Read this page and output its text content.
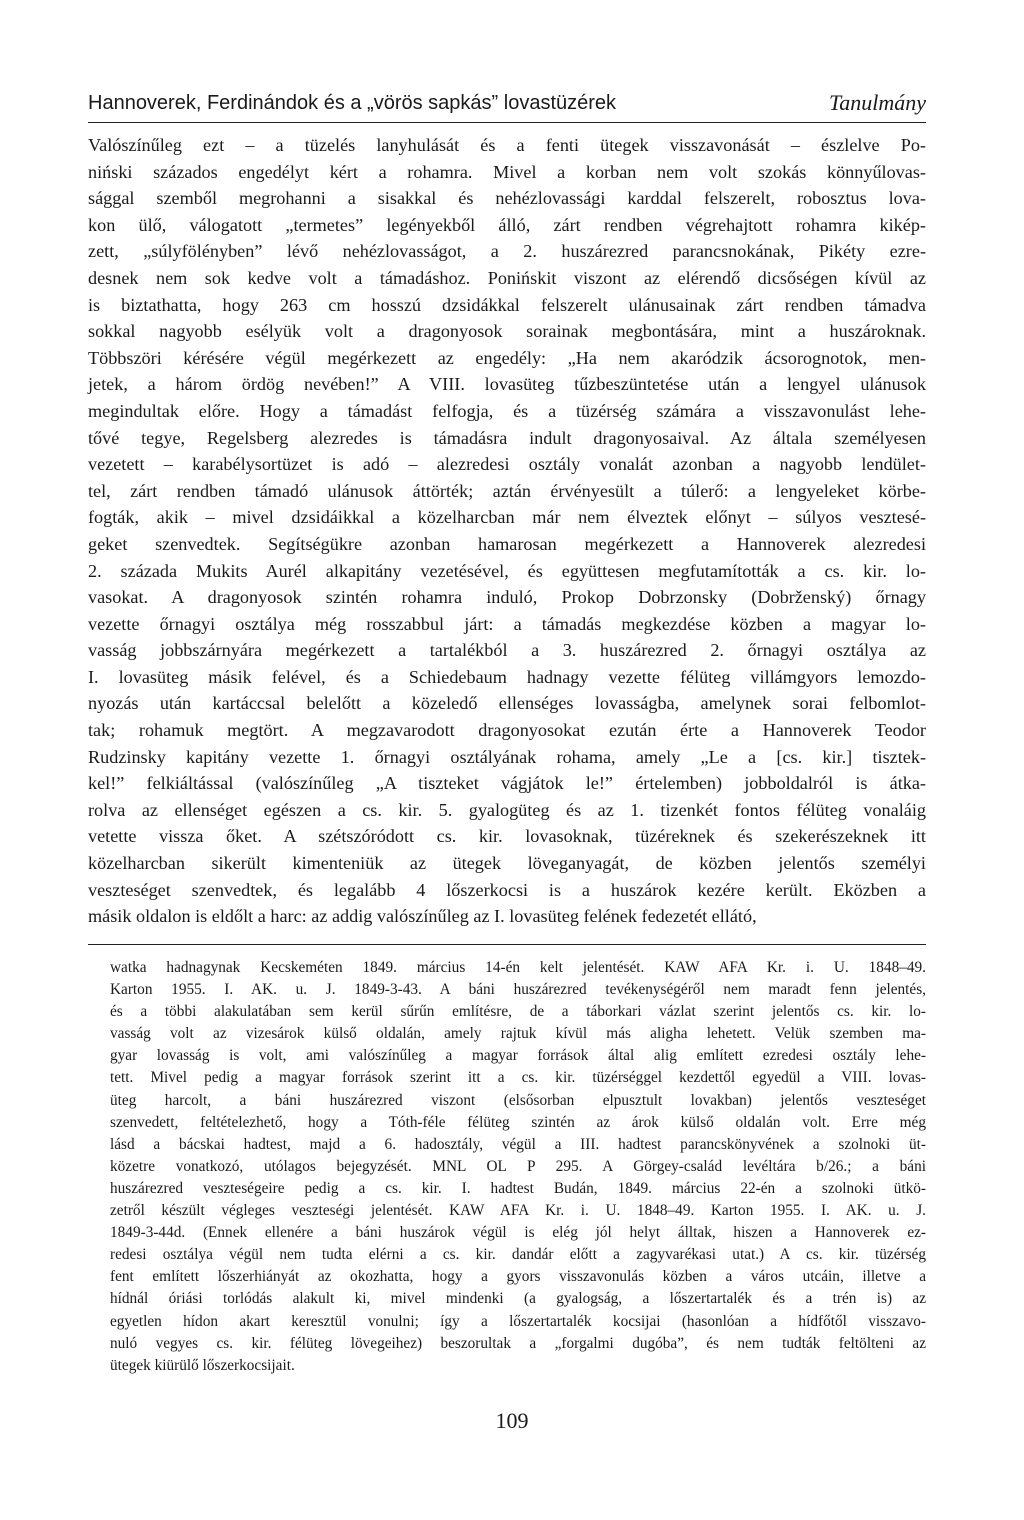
Hannoverek, Ferdinándok és a „vörös sapkás” lovastüzérek	Tanulmány

Valószínűleg ezt – a tüzelés lanyhulását és a fenti ütegek visszavonását – észlelve Po-
niński százados engedélyt kért a rohamra. Mivel a korban nem volt szokás könnyűlovas-
sággal szemből megrohanni a sisakkal és nehézlovassági karddal felszerelt, robosztus lova-
kon ülő, válogatott „termetes” legényekből álló, zárt rendben végrehajtott rohamra kikép-
zett, „súlyfölényben” lévő nehézlovasságot, a 2. huszárezred parancsnokának, Pikéty ezre-
desnek nem sok kedve volt a támadáshoz. Ponińskit viszont az elérendő dicsőségen kívül az
is biztathatta, hogy 263 cm hosszú dzsidákkal felszerelt ulánusainak zárt rendben támadva
sokkal nagyobb esélyük volt a dragonyosok sorainak megbontására, mint a huszároknak.
Többszöri kérésére végül megérkezett az engedély: „Ha nem akaródzik ácsorognotok, men-
jetek, a három ördög nevében!” A VIII. lovasüteg tűzbeszüntetése után a lengyel ulánusok
megindultak előre. Hogy a támadást felfogja, és a tüzérség számára a visszavonulást lehe-
tővé tegye, Regelsberg alezredes is támadásra indult dragonyosaival. Az általa személyesen
vezetett – karabélysortüzet is adó – alezredesi osztály vonalát azonban a nagyobb lendület-
tel, zárt rendben támadó ulánusok áttörték; aztán érvényesült a túlerő: a lengyeleket körbe-
fogták, akik – mivel dzsidáikkal a közelharcban már nem élveztek előnyt – súlyos vesztesé-
geket szenvedtek. Segítségükre azonban hamarosan megérkezett a Hannoverek alezredesi
2. százada Mukits Aurél alkapitány vezetésével, és együttesen megfutamították a cs. kir. lo-
vasokat. A dragonyosok szintén rohamra induló, Prokop Dobrzonsky (Dobrženský) őrnagy
vezette őrnagyi osztálya még rosszabbul járt: a támadás megkezdése közben a magyar lo-
vasság jobbszárnyára megérkezett a tartalékból a 3. huszárezred 2. őrnagyi osztálya az
I. lovasüteg másik felével, és a Schiedebaum hadnagy vezette félüteg villámgyors lemozdo-
nyozás után kartáccsal belelőtt a közeledő ellenséges lovasságba, amelynek sorai felbomlot-
tak; rohamuk megtört. A megzavarodott dragonyosokat ezután érte a Hannoverek Teodor
Rudzinsky kapitány vezette 1. őrnagyi osztályának rohama, amely „Le a [cs. kir.] tisztek-
kel!” felkiáltással (valószínűleg „A tiszteket vágjátok le!” értelemben) jobboldalról is átka-
rolva az ellenséget egészen a cs. kir. 5. gyalogüteg és az 1. tizenkét fontos félüteg vonaláig
vetette vissza őket. A szétszóródott cs. kir. lovasoknak, tüzéreknek és szekerészeknek itt
közelharcban sikerült kimenteniük az ütegek löveganyagát, de közben jelentős személyi
veszteséget szenvedtek, és legalább 4 lőszerkocsi is a huszárok kezére került. Eközben a
másik oldalon is eldőlt a harc: az addig valószínűleg az I. lovasüteg felének fedezetét ellátó,

watka hadnagynak Kecskeméten 1849. március 14-én kelt jelentését. KAW AFA Kr. i. U. 1848–49.
Karton 1955. I. AK. u. J. 1849-3-43. A báni huszárezred tevékenységéről nem maradt fenn jelentés,
és a többi alakulatában sem kerül sűrűn említésre, de a táborkari vázlat szerint jelentős cs. kir. lo-
vasság volt az vizesárok külső oldalán, amely rajtuk kívül más aligha lehetett. Velük szemben ma-
gyar lovasság is volt, ami valószínűleg a magyar források által alig említett ezredesi osztály lehe-
tett. Mivel pedig a magyar források szerint itt a cs. kir. tüzérséggel kezdettől egyedül a VIII. lovas-
üteg harcolt, a báni huszárezred viszont (elsősorban elpusztult lovakban) jelentős veszteséget
szenvedett, feltételezhető, hogy a Tóth-féle félüteg szintén az árok külső oldalán volt. Erre még
lásd a bácskai hadtest, majd a 6. hadosztály, végül a III. hadtest parancskönyvének a szolnoki üt-
közetre vonatkozó, utólagos bejegyzését. MNL OL P 295. A Görgey-család levéltára b/26.; a báni
huszárezred veszteségeire pedig a cs. kir. I. hadtest Budán, 1849. március 22-én a szolnoki ütkö-
zetről készült végleges veszteségi jelentését. KAW AFA Kr. i. U. 1848–49. Karton 1955. I. AK. u. J.
1849-3-44d. (Ennek ellenére a báni huszárok végül is elég jól helyt álltak, hiszen a Hannoverek ez-
redesi osztálya végül nem tudta elérni a cs. kir. dandár előtt a zagyvarékasi utat.) A cs. kir. tüzérség
fent említett lőszerhiányát az okozhatta, hogy a gyors visszavonulás közben a város utcáin, illetve a
hídnál óriási torlódás alakult ki, mivel mindenki (a gyalogság, a lőszertartalék és a trén is) az
egyetlen hídon akart keresztül vonulni; így a lőszertartalék kocsijai (hasonlóan a hídfőtől visszavo-
nuló vegyes cs. kir. félüteg lövegeihez) beszorultak a „forgalmi dugóba”, és nem tudták feltölteni az
ütegek kiürülő lőszerkocsijait.

109
